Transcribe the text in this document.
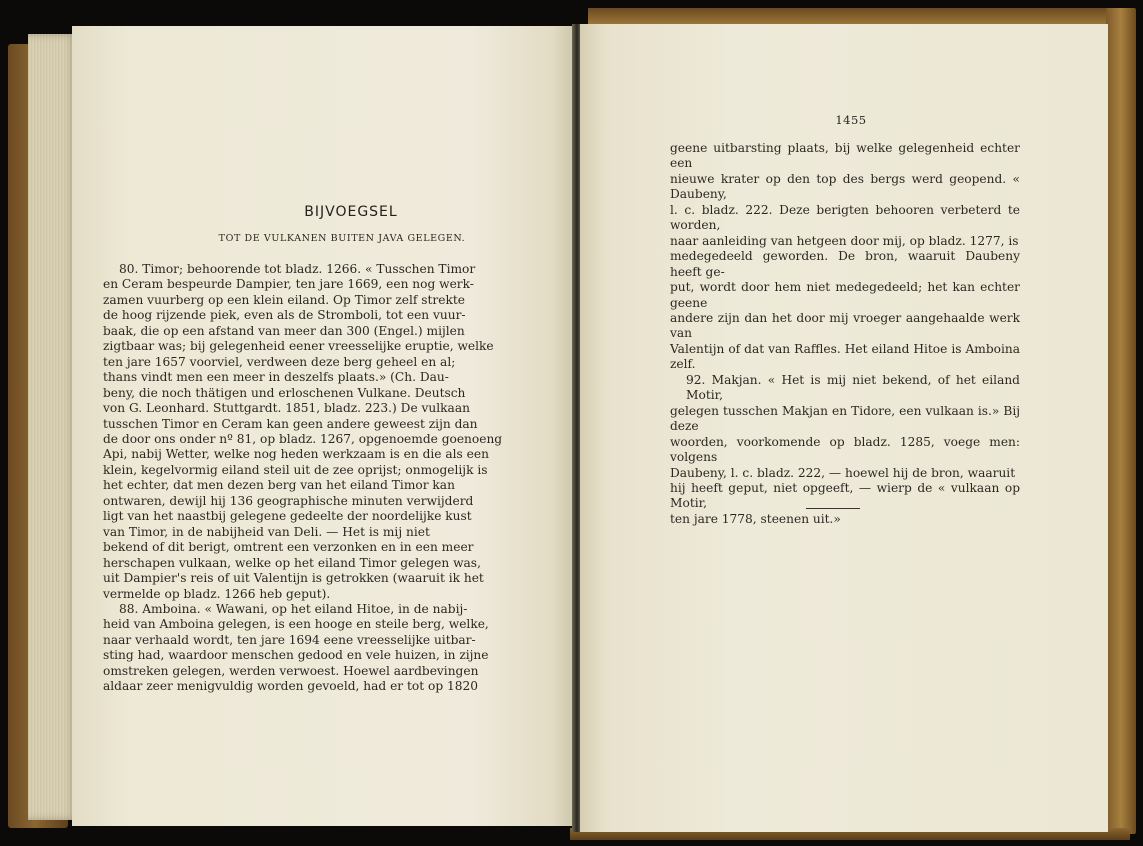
BIJVOEGSEL
TOT DE VULKANEN BUITEN JAVA GELEGEN.

80. Timor; behoorende tot bladz. 1266. « Tusschen Timor

en Ceram bespeurde Dampier, ten jare 1669, een nog werk-

zamen vuurberg op een klein eiland. Op Timor zelf strekte

de hoog rijzende piek, even als de Stromboli, tot een vuur-

baak, die op een afstand van meer dan 300 (Engel.) mijlen

zigtbaar was; bij gelegenheid eener vreesselijke eruptie, welke

ten jare 1657 voorviel, verdween deze berg geheel en al;

thans vindt men een meer in deszelfs plaats.» (Ch. Dau-

beny, die noch thätigen und erloschenen Vulkane. Deutsch

von G. Leonhard. Stuttgardt. 1851, bladz. 223.) De vulkaan

tusschen Timor en Ceram kan geen andere geweest zijn dan

de door ons onder nº 81, op bladz. 1267, opgenoemde goenoeng

Api, nabij Wetter, welke nog heden werkzaam is en die als een

klein, kegelvormig eiland steil uit de zee oprijst; onmogelijk is

het echter, dat men dezen berg van het eiland Timor kan

ontwaren, dewijl hij 136 geographische minuten verwijderd

ligt van het naastbij gelegene gedeelte der noordelijke kust

van Timor, in de nabijheid van Deli. — Het is mij niet

bekend of dit berigt, omtrent een verzonken en in een meer

herschapen vulkaan, welke op het eiland Timor gelegen was,

uit Dampier's reis of uit Valentijn is getrokken (waaruit ik het

vermelde op bladz. 1266 heb geput).

88. Amboina. « Wawani, op het eiland Hitoe, in de nabij-

heid van Amboina gelegen, is een hooge en steile berg, welke,

naar verhaald wordt, ten jare 1694 eene vreesselijke uitbar-

sting had, waardoor menschen gedood en vele huizen, in zijne

omstreken gelegen, werden verwoest. Hoewel aardbevingen

aldaar zeer menigvuldig worden gevoeld, had er tot op 1820

1455

geene uitbarsting plaats, bij welke gelegenheid echter een

nieuwe krater op den top des bergs werd geopend. « Daubeny,

l. c. bladz. 222. Deze berigten behooren verbeterd te worden,

naar aanleiding van hetgeen door mij, op bladz. 1277, is

medegedeeld geworden. De bron, waaruit Daubeny heeft ge-

put, wordt door hem niet medegedeeld; het kan echter geene

andere zijn dan het door mij vroeger aangehaalde werk van

Valentijn of dat van Raffles. Het eiland Hitoe is Amboina zelf.

92. Makjan. « Het is mij niet bekend, of het eiland Motir,

gelegen tusschen Makjan en Tidore, een vulkaan is.» Bij deze

woorden, voorkomende op bladz. 1285, voege men: volgens

Daubeny, l. c. bladz. 222, — hoewel hij de bron, waaruit

hij heeft geput, niet opgeeft, — wierp de « vulkaan op Motir,

ten jare 1778, steenen uit.»
